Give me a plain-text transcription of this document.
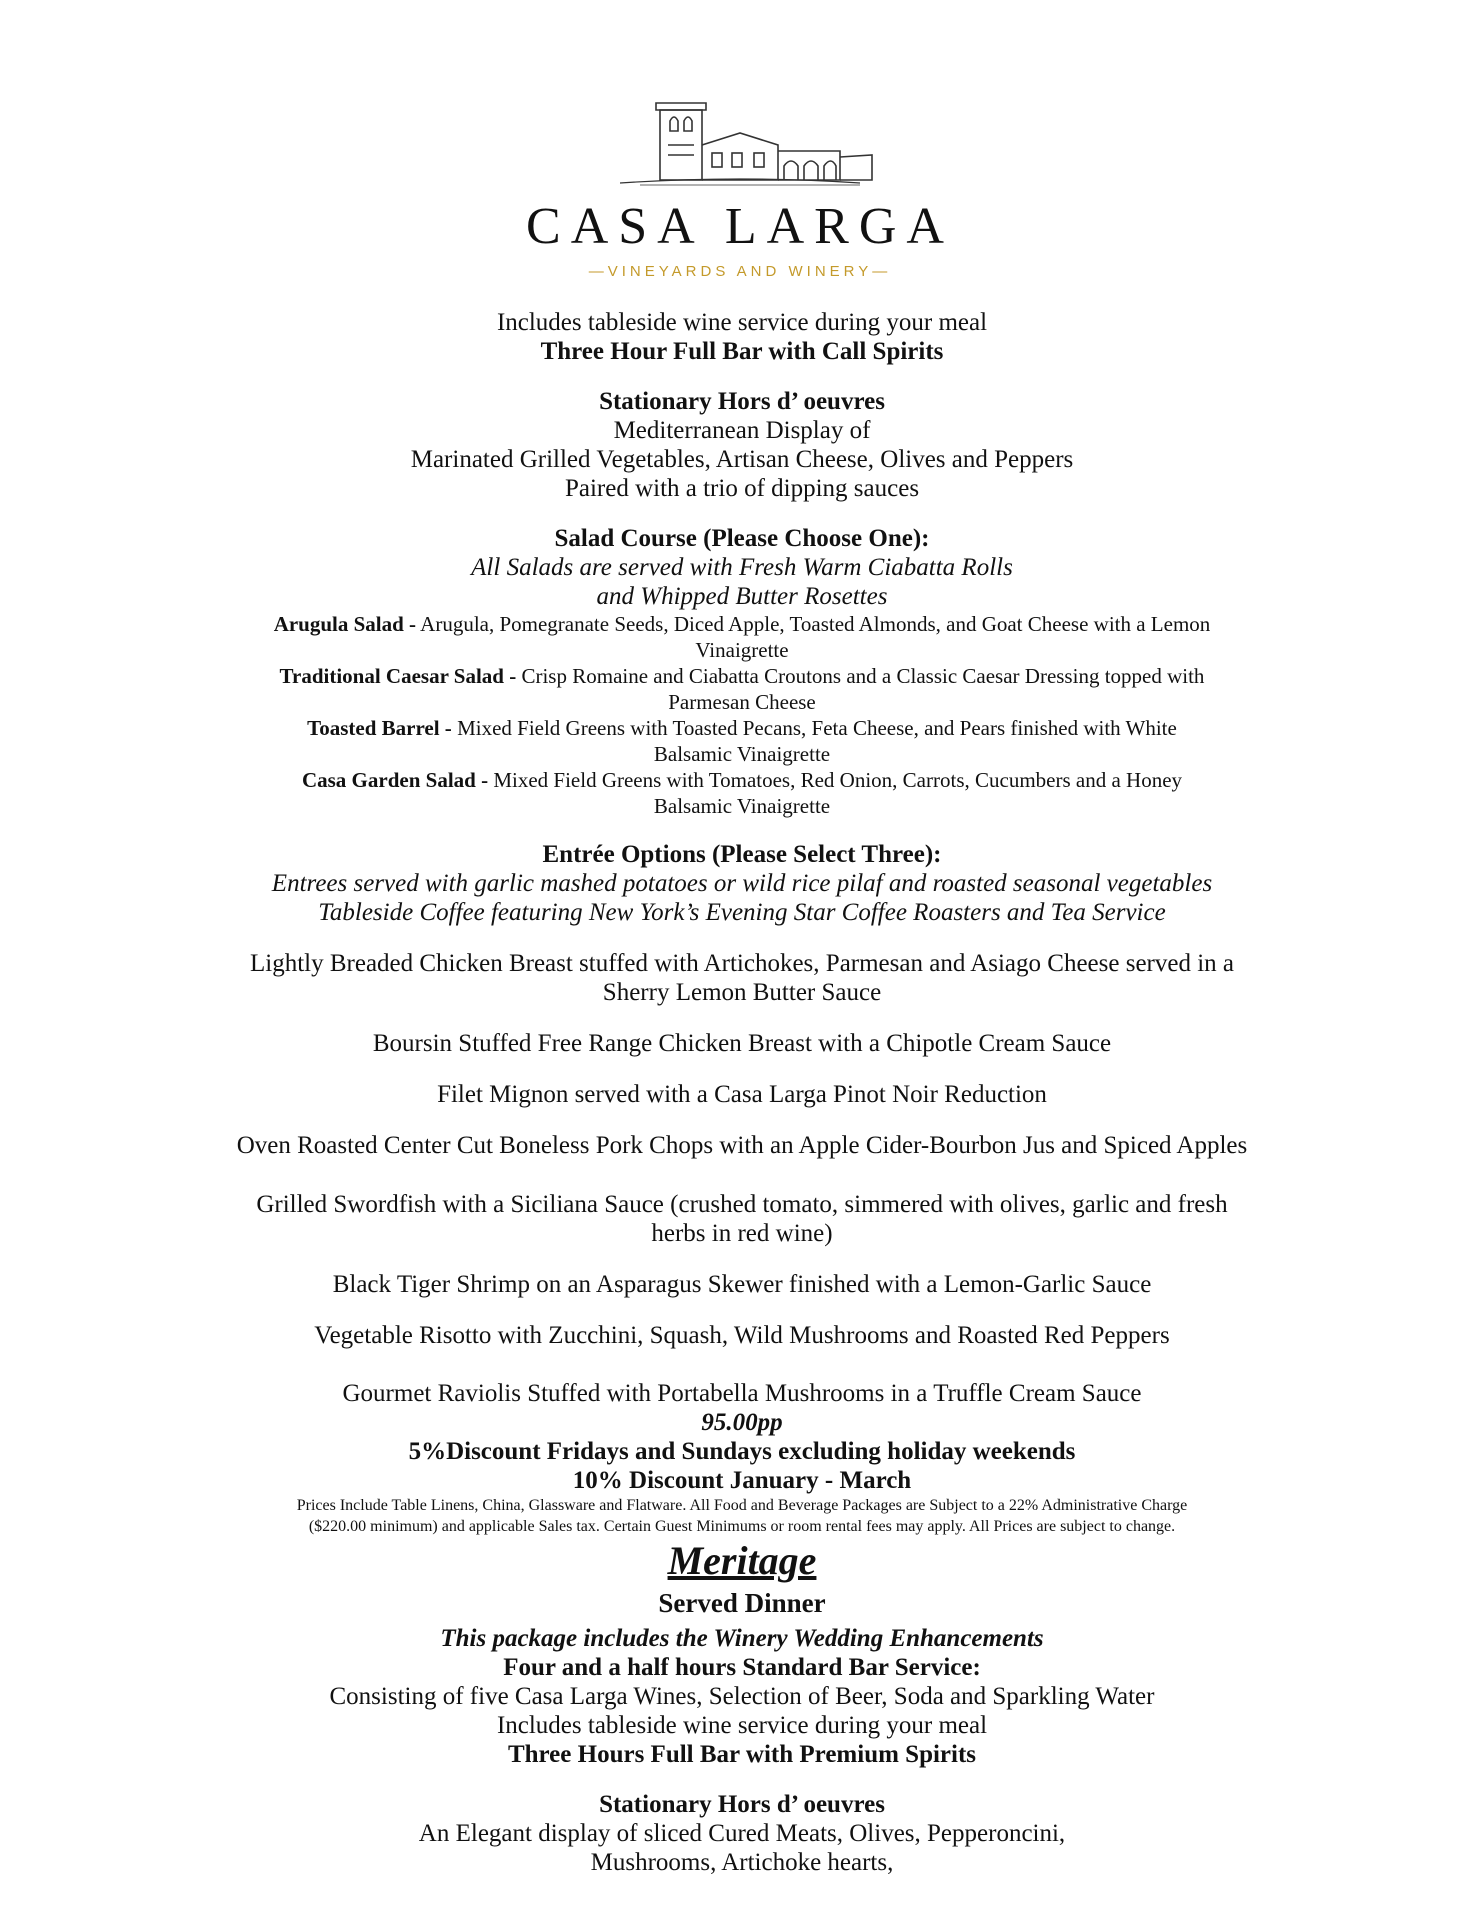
CASA LARGA
—VINEYARDS AND WINERY—
Includes tableside wine service during your meal
Three Hour Full Bar with Call Spirits
Stationary Hors d’ oeuvres
Mediterranean Display of
Marinated Grilled Vegetables, Artisan Cheese, Olives and Peppers
Paired with a trio of dipping sauces
Salad Course (Please Choose One):
All Salads are served with Fresh Warm Ciabatta Rolls
and Whipped Butter Rosettes
Arugula Salad - Arugula, Pomegranate Seeds, Diced Apple, Toasted Almonds, and Goat Cheese with a Lemon
Vinaigrette
Traditional Caesar Salad - Crisp Romaine and Ciabatta Croutons and a Classic Caesar Dressing topped with
Parmesan Cheese
Toasted Barrel - Mixed Field Greens with Toasted Pecans, Feta Cheese, and Pears finished with White
Balsamic Vinaigrette
Casa Garden Salad - Mixed Field Greens with Tomatoes, Red Onion, Carrots, Cucumbers and a Honey
Balsamic Vinaigrette
Entrée Options (Please Select Three):
Entrees served with garlic mashed potatoes or wild rice pilaf and roasted seasonal vegetables
Tableside Coffee featuring New York’s Evening Star Coffee Roasters and Tea Service
Lightly Breaded Chicken Breast stuffed with Artichokes, Parmesan and Asiago Cheese served in a
Sherry Lemon Butter Sauce
Boursin Stuffed Free Range Chicken Breast with a Chipotle Cream Sauce
Filet Mignon served with a Casa Larga Pinot Noir Reduction
Oven Roasted Center Cut Boneless Pork Chops with an Apple Cider-Bourbon Jus and Spiced Apples
Grilled Swordfish with a Siciliana Sauce (crushed tomato, simmered with olives, garlic and fresh
herbs in red wine)
Black Tiger Shrimp on an Asparagus Skewer finished with a Lemon-Garlic Sauce
Vegetable Risotto with Zucchini, Squash, Wild Mushrooms and Roasted Red Peppers
Gourmet Raviolis Stuffed with Portabella Mushrooms in a Truffle Cream Sauce
95.00pp
5%Discount Fridays and Sundays excluding holiday weekends
10% Discount January - March
Prices Include Table Linens, China, Glassware and Flatware. All Food and Beverage Packages are Subject to a 22% Administrative Charge
($220.00 minimum) and applicable Sales tax. Certain Guest Minimums or room rental fees may apply. All Prices are subject to change.
Meritage
Served Dinner
This package includes the Winery Wedding Enhancements
Four and a half hours Standard Bar Service:
Consisting of five Casa Larga Wines, Selection of Beer, Soda and Sparkling Water
Includes tableside wine service during your meal
Three Hours Full Bar with Premium Spirits
Stationary Hors d’ oeuvres
An Elegant display of sliced Cured Meats, Olives, Pepperoncini,
Mushrooms, Artichoke hearts,
